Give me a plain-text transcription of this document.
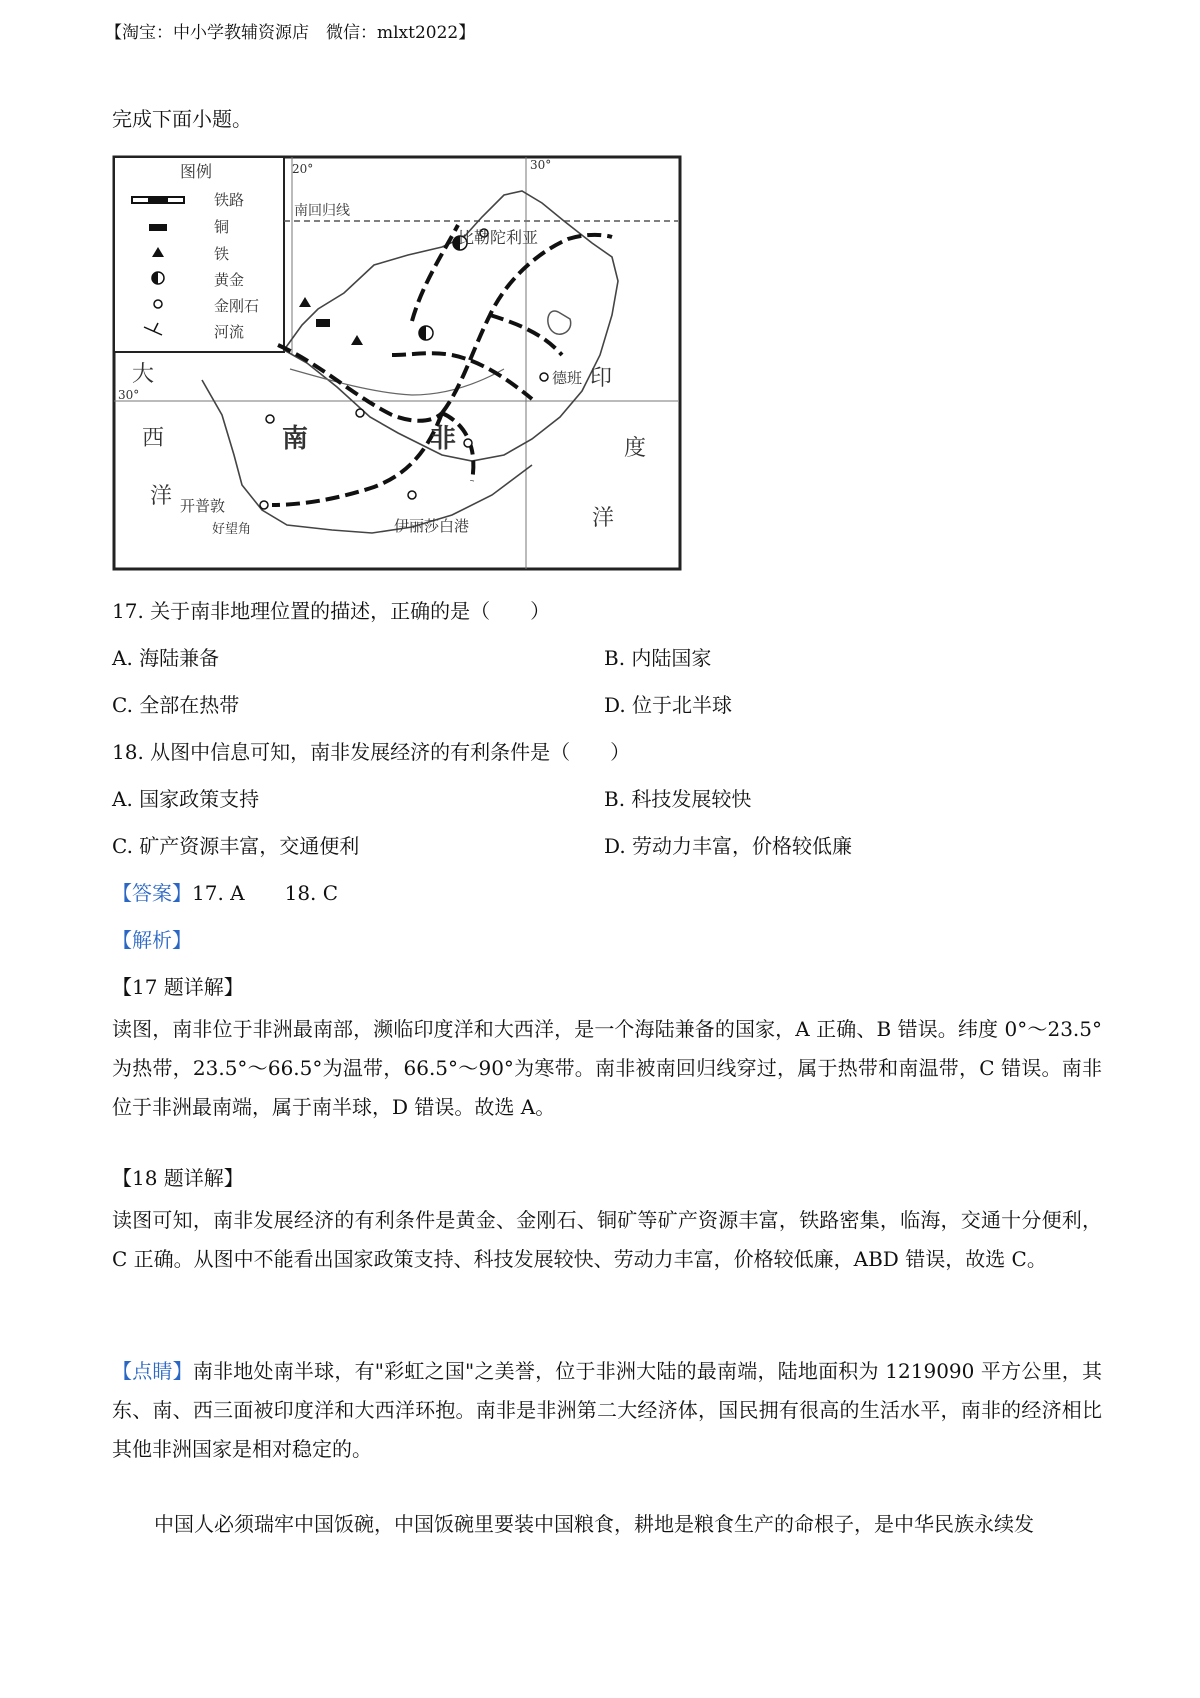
【淘宝：中小学教辅资源店　微信：mlxt2022】
完成下面小题。
图例
铁路
铜
铁
黄金
金刚石
河流
南回归线
20°	30°
30°
比勒陀利亚
德班
开普敦
好望角	伊丽莎白港
南	非
大
西
洋
印
度
洋
17. 关于南非地理位置的描述，正确的是（　　）
A. 海陆兼备	B. 内陆国家
C. 全部在热带	D. 位于北半球
18. 从图中信息可知，南非发展经济的有利条件是（　　）
A. 国家政策支持	B. 科技发展较快
C. 矿产资源丰富，交通便利	D. 劳动力丰富，价格较低廉
【答案】17. A　　18. C
【解析】
【17 题详解】
读图，南非位于非洲最南部，濒临印度洋和大西洋，是一个海陆兼备的国家，A 正确、B 错误。纬度 0°～23.5°为热带，23.5°～66.5°为温带，66.5°～90°为寒带。南非被南回归线穿过，属于热带和南温带，C 错误。南非位于非洲最南端，属于南半球，D 错误。故选 A。
【18 题详解】
读图可知，南非发展经济的有利条件是黄金、金刚石、铜矿等矿产资源丰富，铁路密集，临海，交通十分便利，C 正确。从图中不能看出国家政策支持、科技发展较快、劳动力丰富，价格较低廉，ABD 错误，故选 C。
【点睛】南非地处南半球，有"彩虹之国"之美誉，位于非洲大陆的最南端，陆地面积为 1219090 平方公里，其东、南、西三面被印度洋和大西洋环抱。南非是非洲第二大经济体，国民拥有很高的生活水平，南非的经济相比其他非洲国家是相对稳定的。
中国人必须瑞牢中国饭碗，中国饭碗里要装中国粮食，耕地是粮食生产的命根子，是中华民族永续发
